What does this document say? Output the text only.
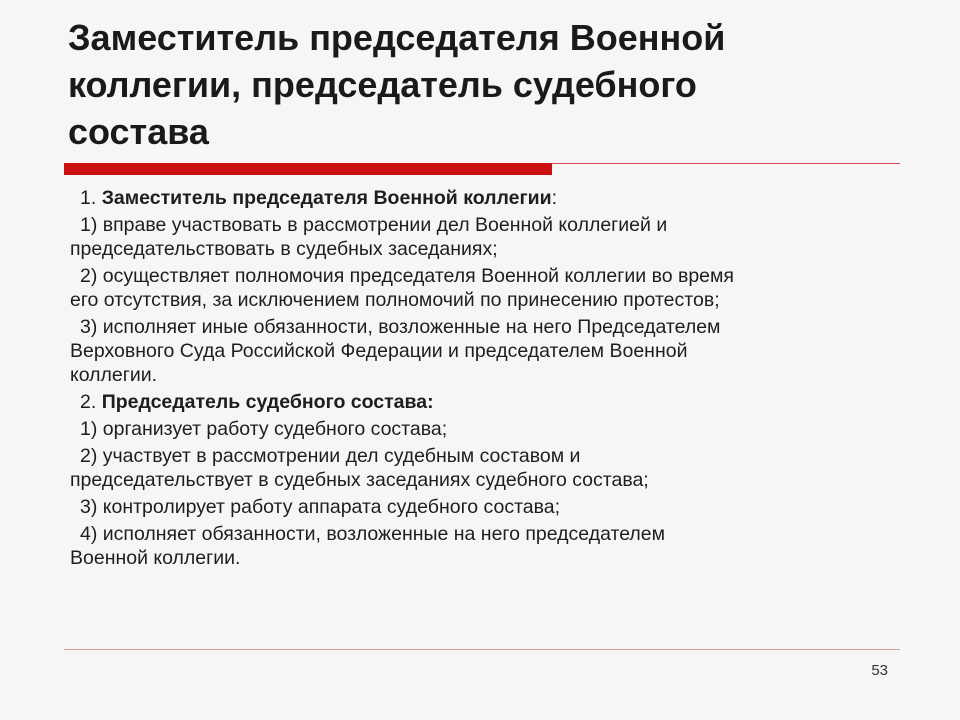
Заместитель председателя Военной
коллегии, председатель судебного
состава

1. Заместитель председателя Военной коллегии:

1) вправе участвовать в рассмотрении дел Военной коллегией и
председательствовать в судебных заседаниях;

2) осуществляет полномочия председателя Военной коллегии во время
его отсутствия, за исключением полномочий по принесению протестов;

3) исполняет иные обязанности, возложенные на него Председателем
Верховного Суда Российской Федерации и председателем Военной
коллегии.

2. Председатель судебного состава:

1) организует работу судебного состава;

2) участвует в рассмотрении дел судебным составом и
председательствует в судебных заседаниях судебного состава;

3) контролирует работу аппарата судебного состава;

4) исполняет обязанности, возложенные на него председателем
Военной коллегии.

53
